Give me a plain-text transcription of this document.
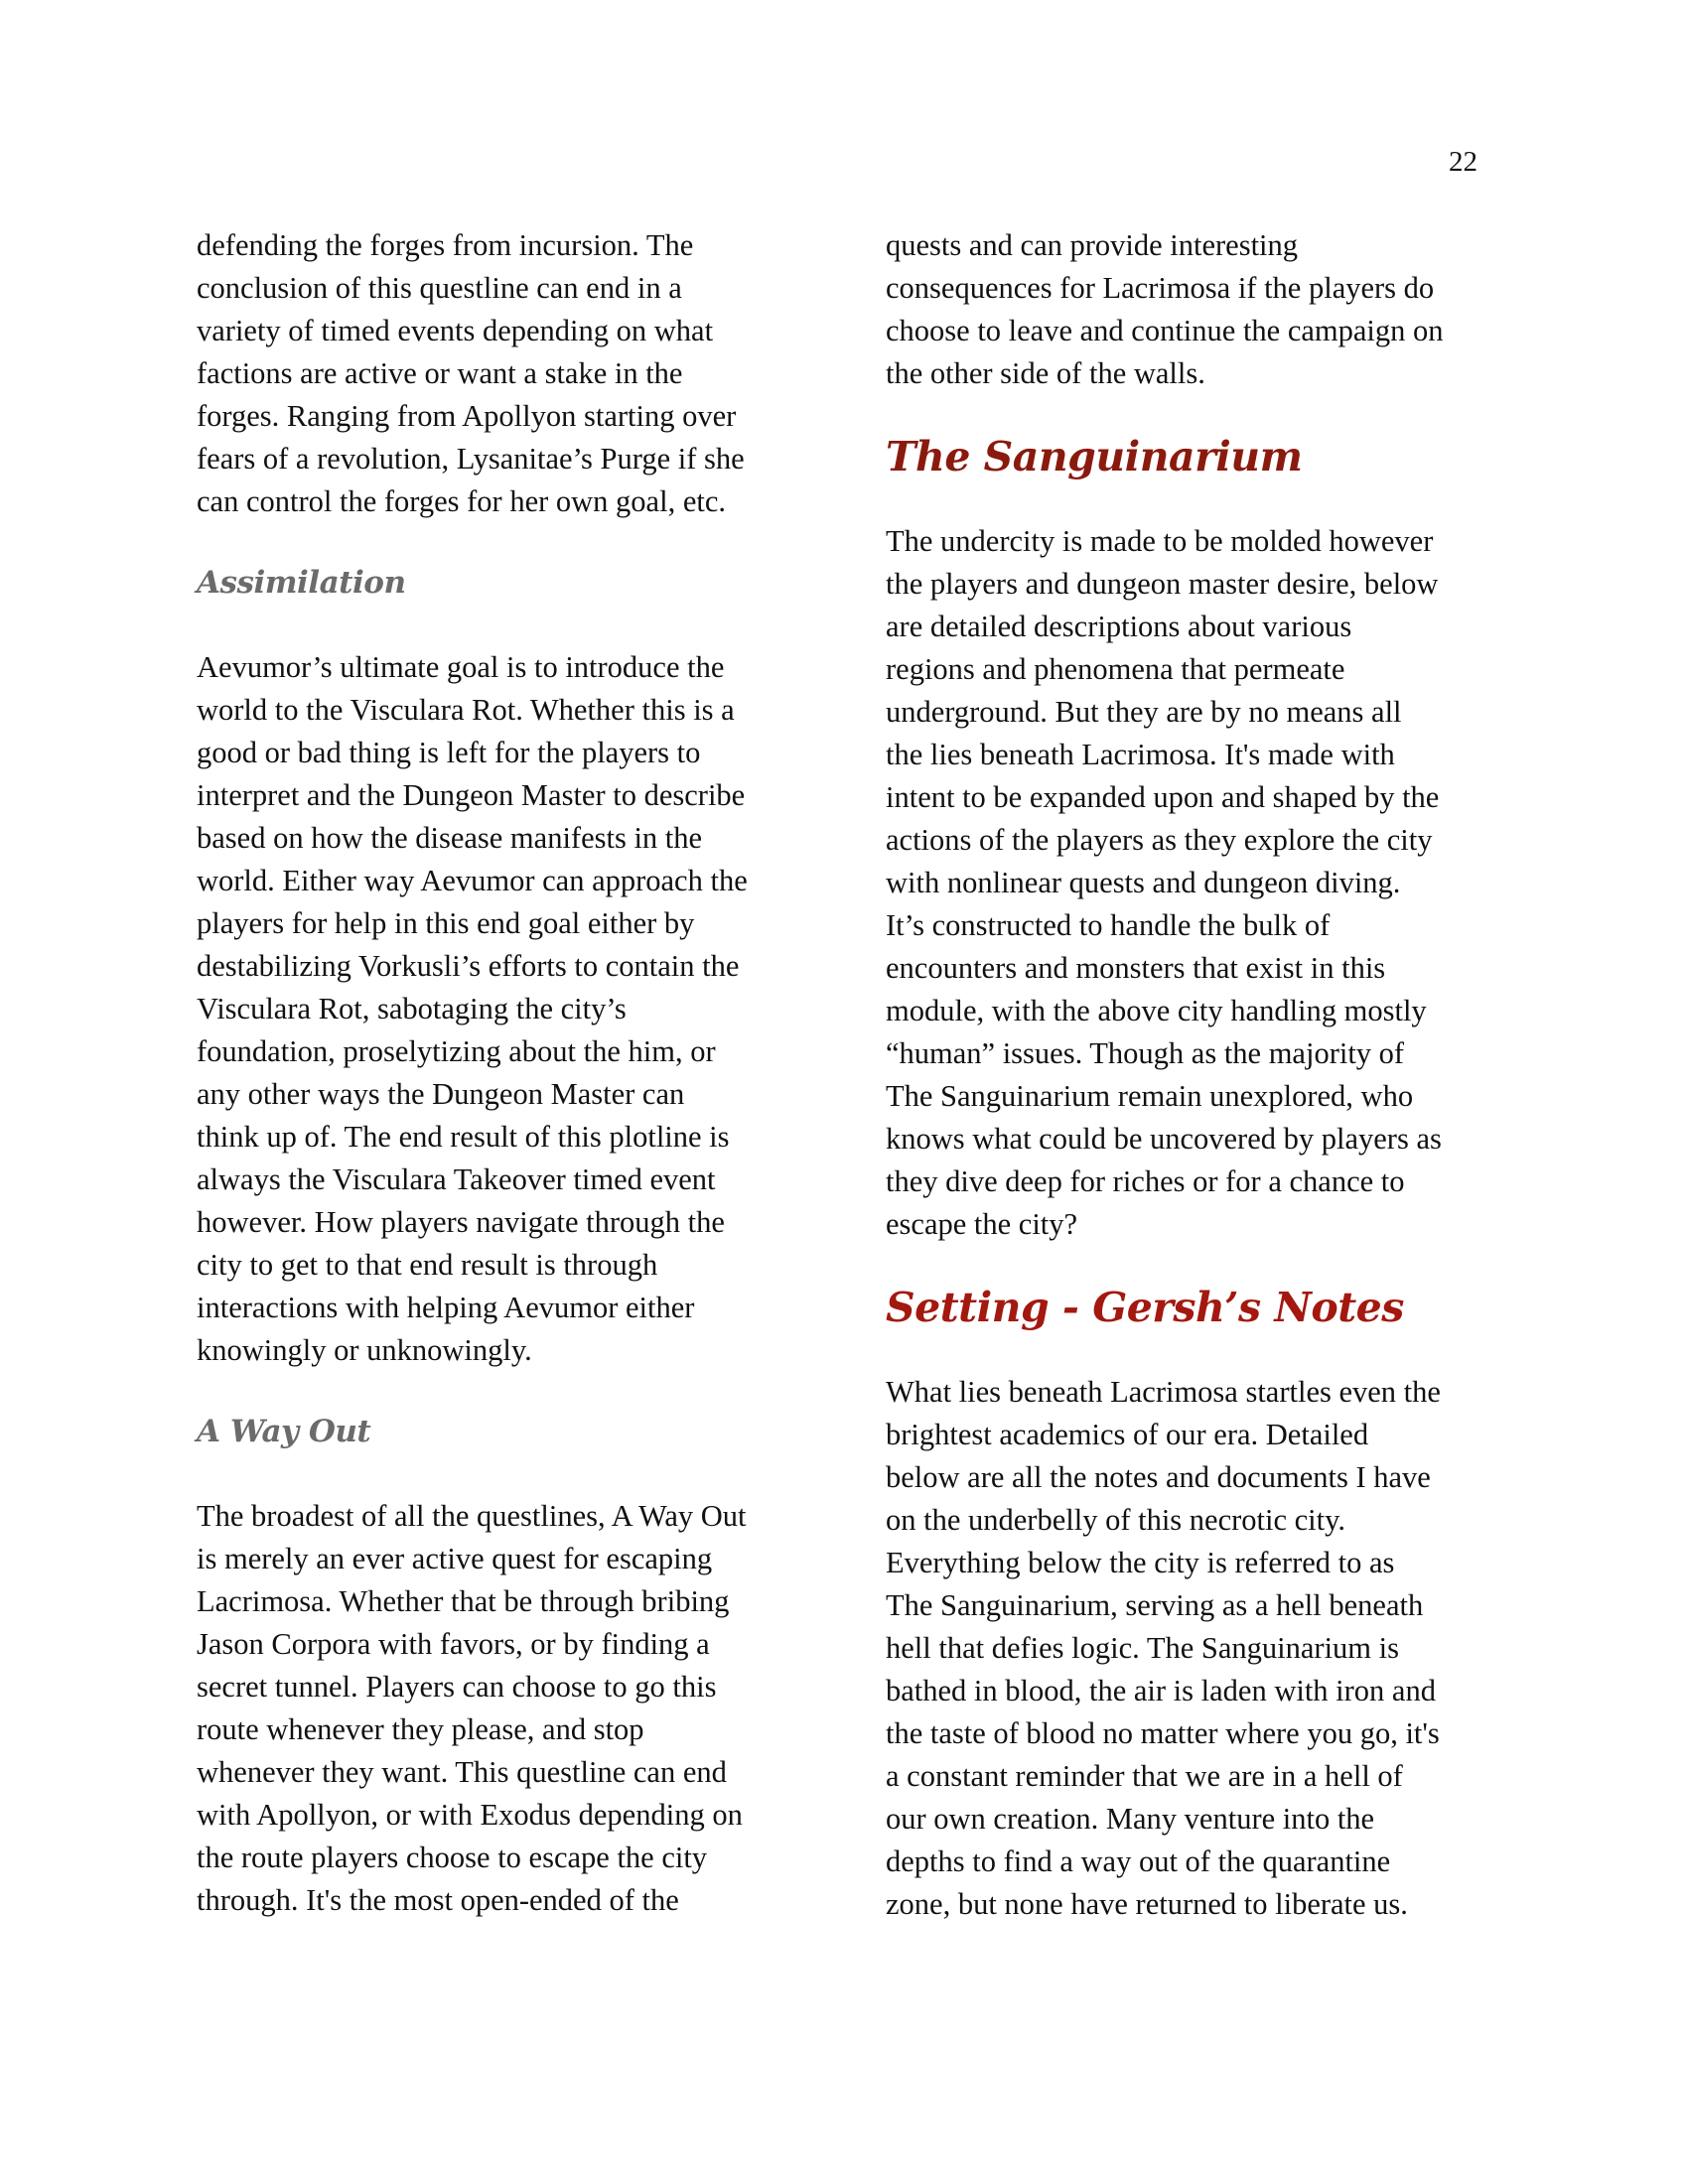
22
defending the forges from incursion. The
conclusion of this questline can end in a
variety of timed events depending on what
factions are active or want a stake in the
forges. Ranging from Apollyon starting over
fears of a revolution, Lysanitae’s Purge if she
can control the forges for her own goal, etc.
Assimilation
Aevumor’s ultimate goal is to introduce the
world to the Visculara Rot. Whether this is a
good or bad thing is left for the players to
interpret and the Dungeon Master to describe
based on how the disease manifests in the
world. Either way Aevumor can approach the
players for help in this end goal either by
destabilizing Vorkusli’s efforts to contain the
Visculara Rot, sabotaging the city’s
foundation, proselytizing about the him, or
any other ways the Dungeon Master can
think up of. The end result of this plotline is
always the Visculara Takeover timed event
however. How players navigate through the
city to get to that end result is through
interactions with helping Aevumor either
knowingly or unknowingly.
A Way Out
The broadest of all the questlines, A Way Out
is merely an ever active quest for escaping
Lacrimosa. Whether that be through bribing
Jason Corpora with favors, or by finding a
secret tunnel. Players can choose to go this
route whenever they please, and stop
whenever they want. This questline can end
with Apollyon, or with Exodus depending on
the route players choose to escape the city
through. It's the most open-ended of the
quests and can provide interesting
consequences for Lacrimosa if the players do
choose to leave and continue the campaign on
the other side of the walls.
The Sanguinarium
The undercity is made to be molded however
the players and dungeon master desire, below
are detailed descriptions about various
regions and phenomena that permeate
underground. But they are by no means all
the lies beneath Lacrimosa. It's made with
intent to be expanded upon and shaped by the
actions of the players as they explore the city
with nonlinear quests and dungeon diving.
It’s constructed to handle the bulk of
encounters and monsters that exist in this
module, with the above city handling mostly
“human” issues. Though as the majority of
The Sanguinarium remain unexplored, who
knows what could be uncovered by players as
they dive deep for riches or for a chance to
escape the city?
Setting - Gersh’s Notes
What lies beneath Lacrimosa startles even the
brightest academics of our era. Detailed
below are all the notes and documents I have
on the underbelly of this necrotic city.
Everything below the city is referred to as
The Sanguinarium, serving as a hell beneath
hell that defies logic. The Sanguinarium is
bathed in blood, the air is laden with iron and
the taste of blood no matter where you go, it's
a constant reminder that we are in a hell of
our own creation. Many venture into the
depths to find a way out of the quarantine
zone, but none have returned to liberate us.
